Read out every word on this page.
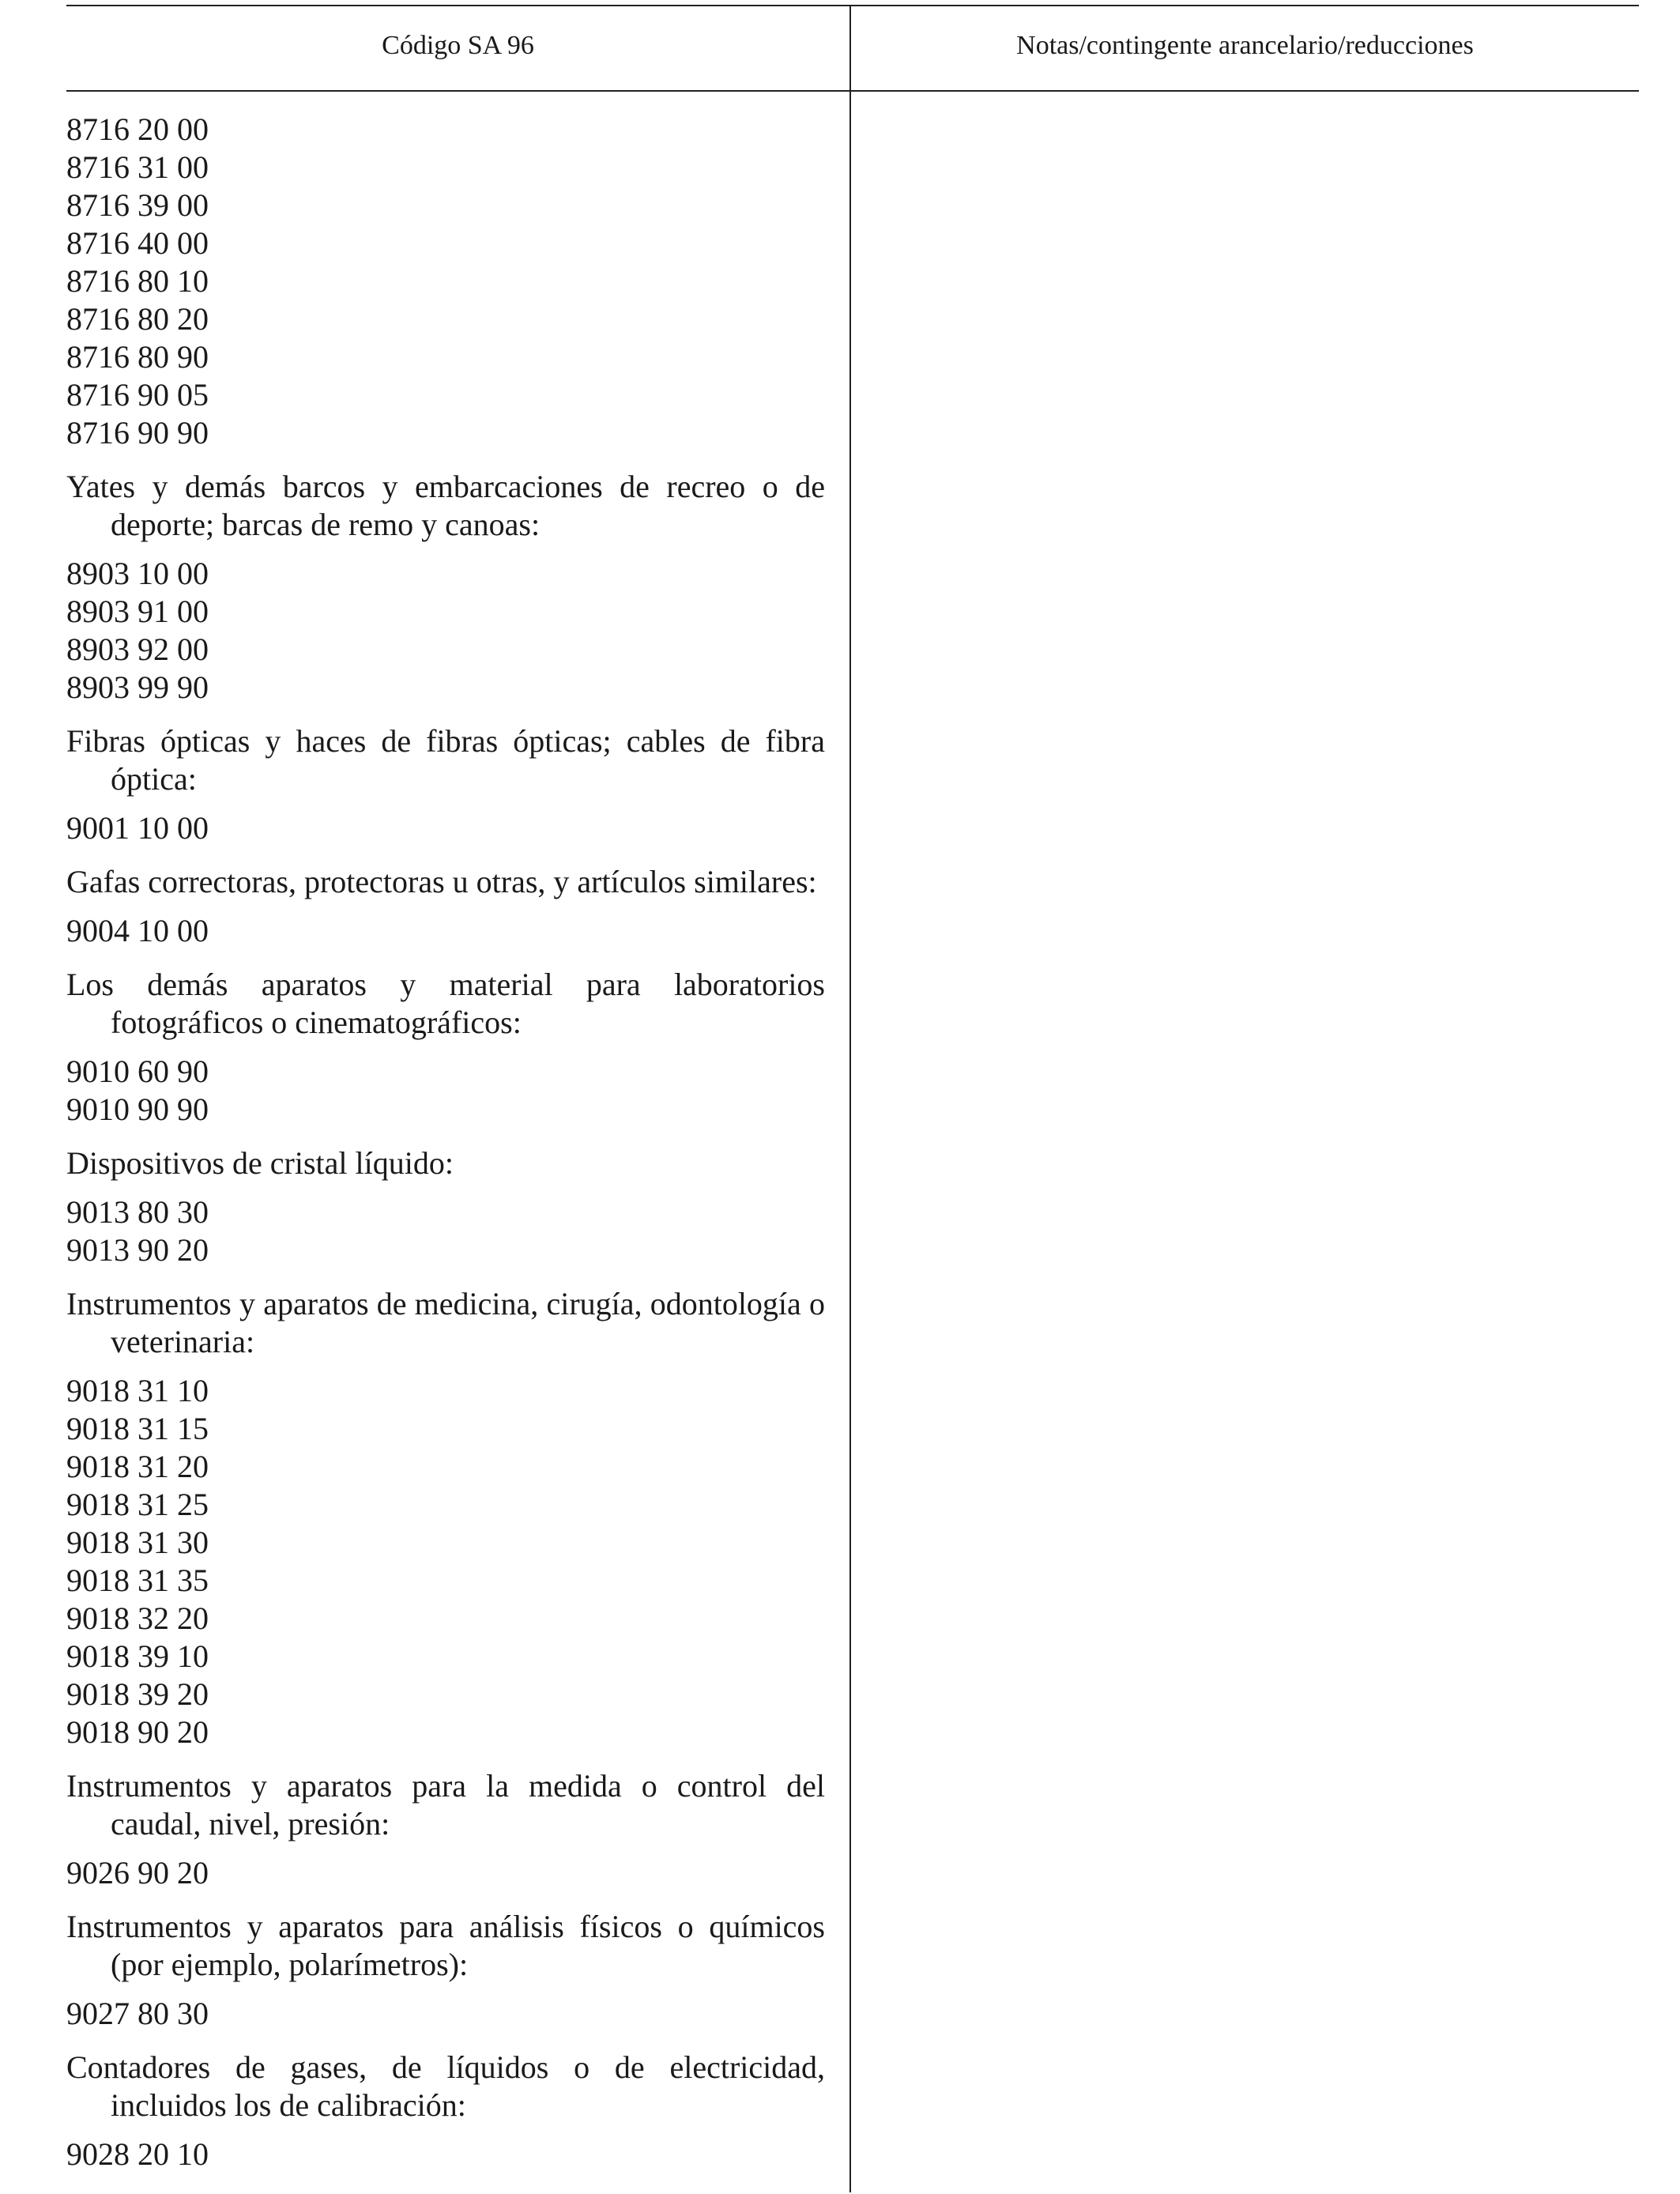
Código SA 96	Notas/contingente arancelario/reducciones
8716 20 00
8716 31 00
8716 39 00
8716 40 00
8716 80 10
8716 80 20
8716 80 90
8716 90 05
8716 90 90
Yates y demás barcos y embarcaciones de recreo o de deporte; barcas de remo y canoas:
8903 10 00
8903 91 00
8903 92 00
8903 99 90
Fibras ópticas y haces de fibras ópticas; cables de fibra óptica:
9001 10 00
Gafas correctoras, protectoras u otras, y artículos similares:
9004 10 00
Los demás aparatos y material para laboratorios fotográficos o cinematográficos:
9010 60 90
9010 90 90
Dispositivos de cristal líquido:
9013 80 30
9013 90 20
Instrumentos y aparatos de medicina, cirugía, odontología o veterinaria:
9018 31 10
9018 31 15
9018 31 20
9018 31 25
9018 31 30
9018 31 35
9018 32 20
9018 39 10
9018 39 20
9018 90 20
Instrumentos y aparatos para la medida o control del caudal, nivel, presión:
9026 90 20
Instrumentos y aparatos para análisis físicos o químicos (por ejemplo, polarímetros):
9027 80 30
Contadores de gases, de líquidos o de electricidad, incluidos los de calibración:
9028 20 10
